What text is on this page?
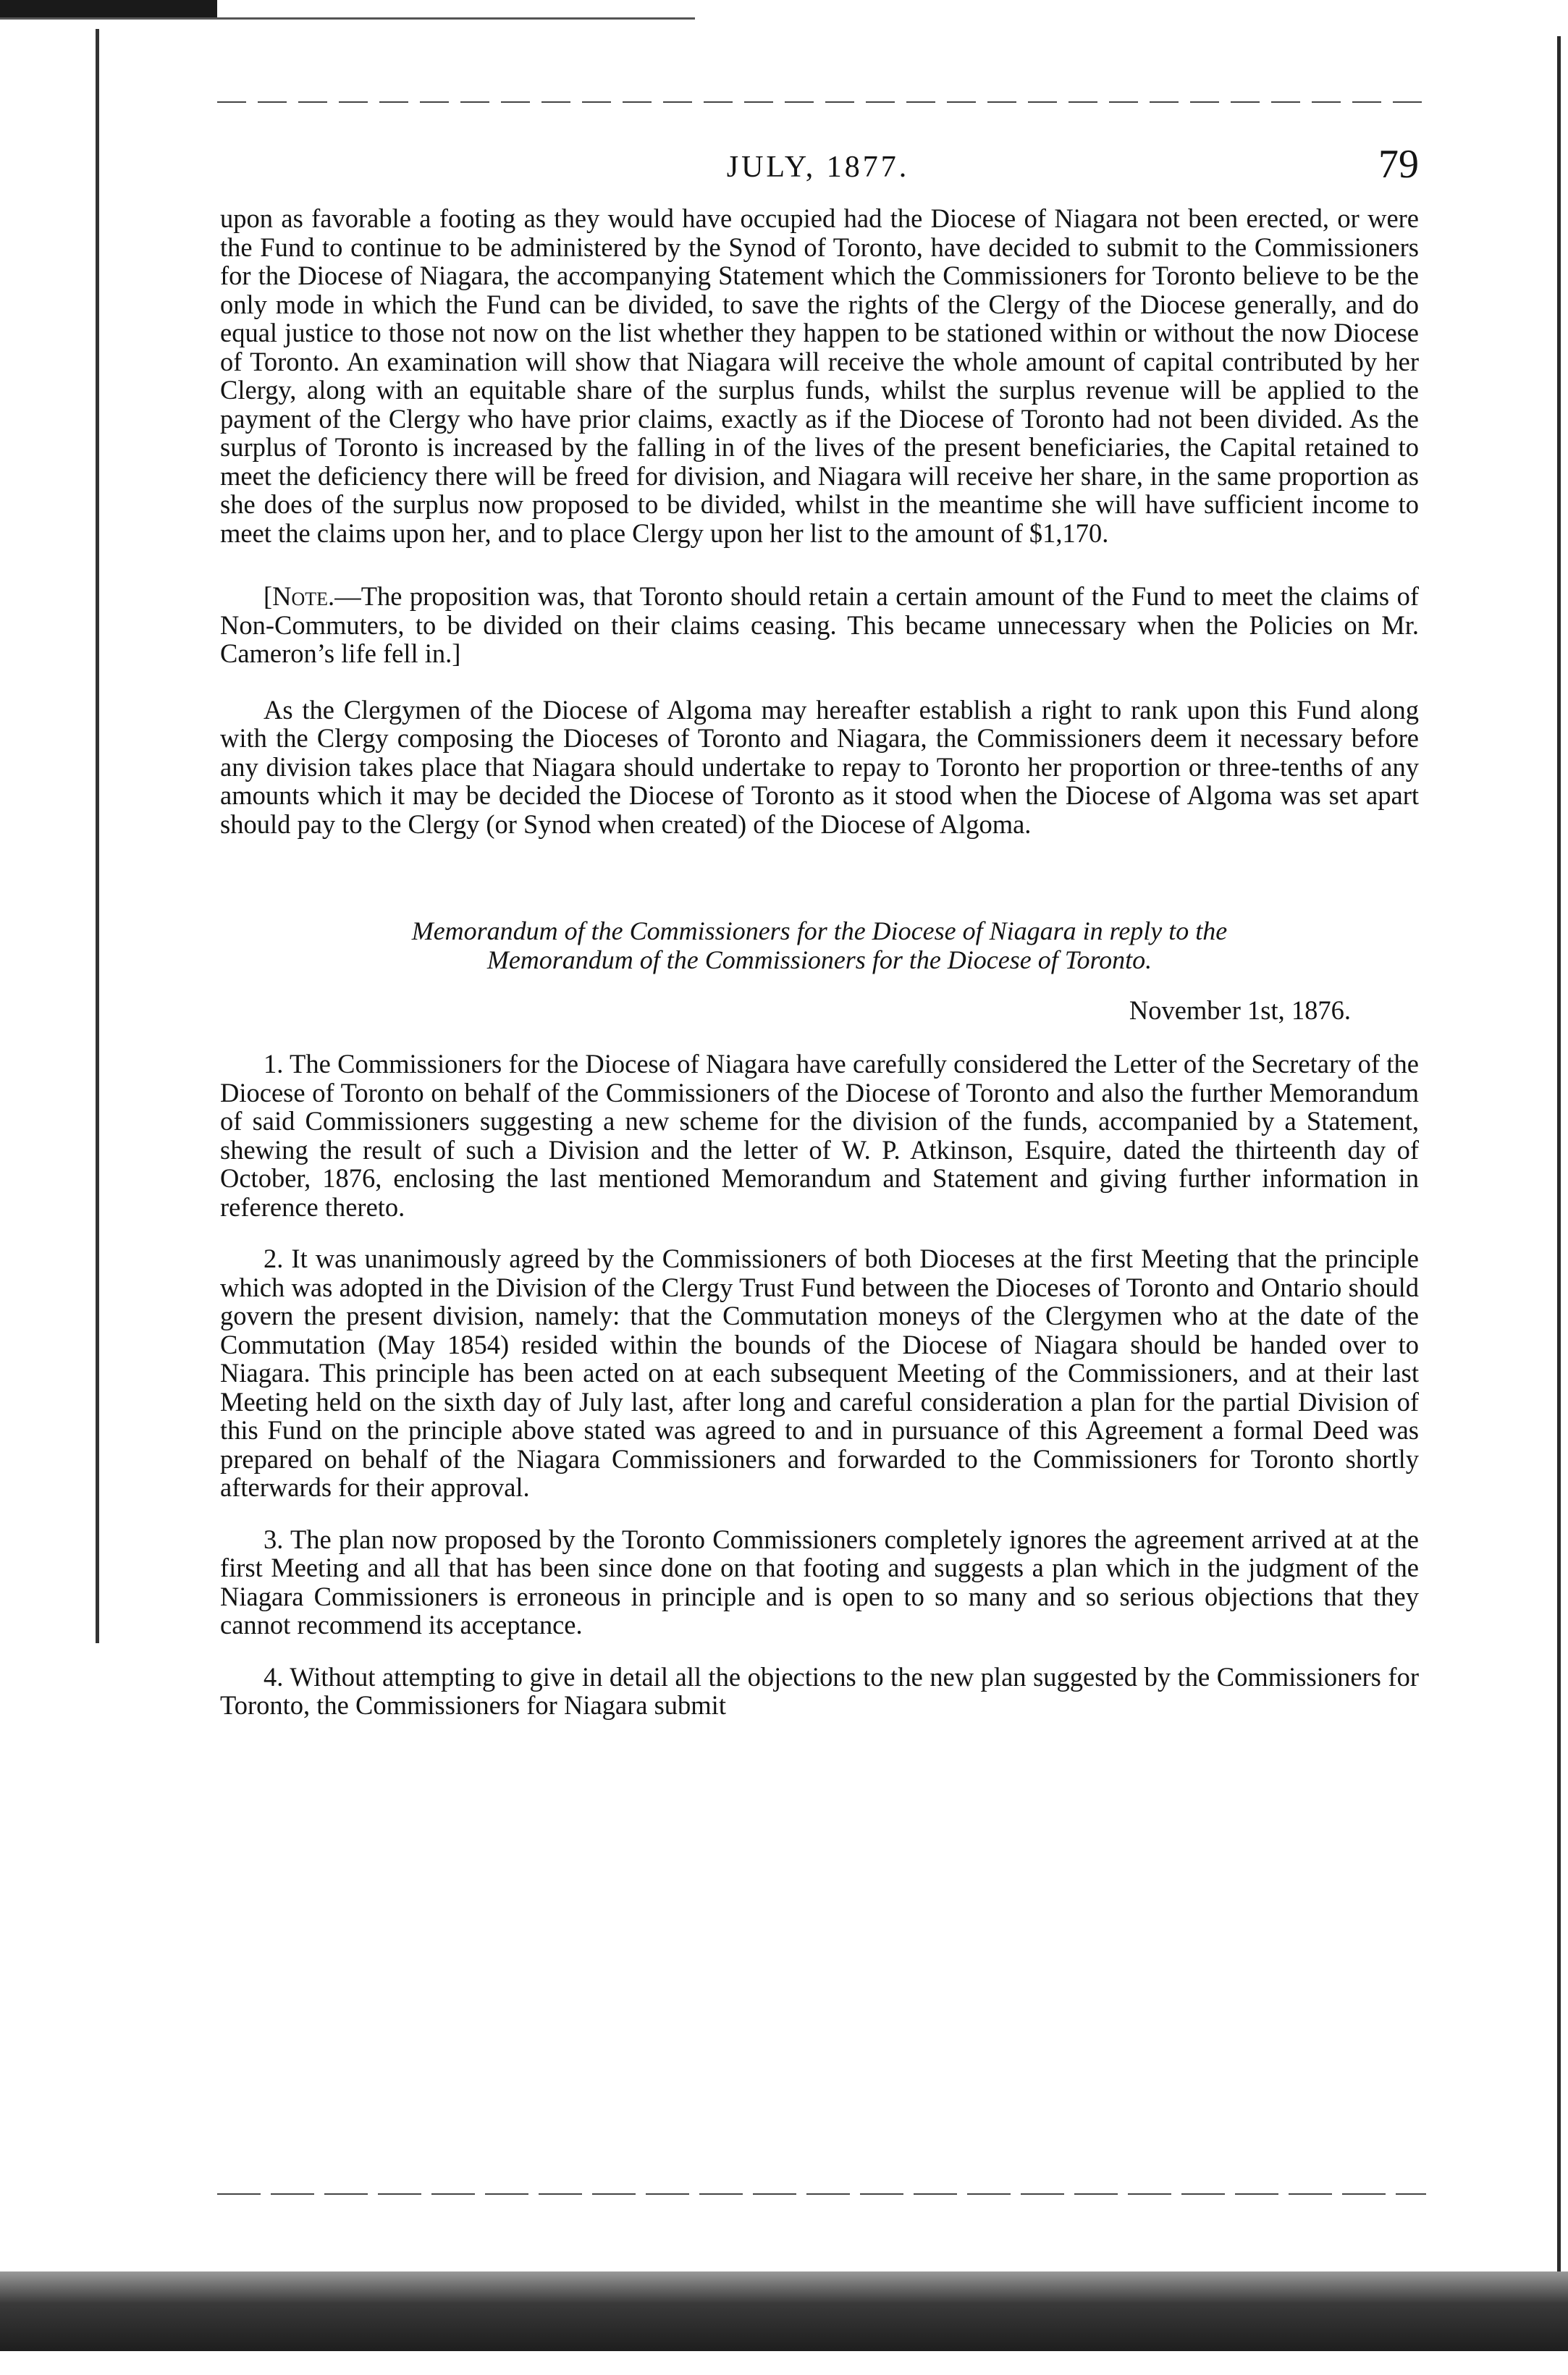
JULY, 1877.	79

upon as favorable a footing as they would have occupied had the Diocese of Niagara not been erected, or were the Fund to continue to be administered by the Synod of Toronto, have decided to submit to the Commissioners for the Diocese of Niagara, the accompanying Statement which the Commissioners for Toronto believe to be the only mode in which the Fund can be divided, to save the rights of the Clergy of the Diocese generally, and do equal justice to those not now on the list whether they happen to be stationed within or without the now Diocese of Toronto. An examination will show that Niagara will receive the whole amount of capital contributed by her Clergy, along with an equitable share of the surplus funds, whilst the surplus revenue will be applied to the payment of the Clergy who have prior claims, exactly as if the Diocese of Toronto had not been divided. As the surplus of Toronto is increased by the falling in of the lives of the present beneficiaries, the Capital retained to meet the deficiency there will be freed for division, and Niagara will receive her share, in the same proportion as she does of the surplus now proposed to be divided, whilst in the meantime she will have sufficient income to meet the claims upon her, and to place Clergy upon her list to the amount of $1,170.

[Note.—The proposition was, that Toronto should retain a certain amount of the Fund to meet the claims of Non-Commuters, to be divided on their claims ceasing. This became unnecessary when the Policies on Mr. Cameron’s life fell in.]

As the Clergymen of the Diocese of Algoma may hereafter establish a right to rank upon this Fund along with the Clergy composing the Dioceses of Toronto and Niagara, the Commissioners deem it necessary before any division takes place that Niagara should undertake to repay to Toronto her proportion or three-tenths of any amounts which it may be decided the Diocese of Toronto as it stood when the Diocese of Algoma was set apart should pay to the Clergy (or Synod when created) of the Diocese of Algoma.

Memorandum of the Commissioners for the Diocese of Niagara in reply to the
Memorandum of the Commissioners for the Diocese of Toronto.
November 1st, 1876.

1. The Commissioners for the Diocese of Niagara have carefully considered the Letter of the Secretary of the Diocese of Toronto on behalf of the Commissioners of the Diocese of Toronto and also the further Memorandum of said Commissioners suggesting a new scheme for the division of the funds, accompanied by a Statement, shewing the result of such a Division and the letter of W. P. Atkinson, Esquire, dated the thirteenth day of October, 1876, enclosing the last mentioned Memorandum and Statement and giving further information in reference thereto.

2. It was unanimously agreed by the Commissioners of both Dioceses at the first Meeting that the principle which was adopted in the Division of the Clergy Trust Fund between the Dioceses of Toronto and Ontario should govern the present division, namely: that the Commutation moneys of the Clergymen who at the date of the Commutation (May 1854) resided within the bounds of the Diocese of Niagara should be handed over to Niagara. This principle has been acted on at each subsequent Meeting of the Commissioners, and at their last Meeting held on the sixth day of July last, after long and careful consideration a plan for the partial Division of this Fund on the principle above stated was agreed to and in pursuance of this Agreement a formal Deed was prepared on behalf of the Niagara Commissioners and forwarded to the Commissioners for Toronto shortly afterwards for their approval.

3. The plan now proposed by the Toronto Commissioners completely ignores the agreement arrived at at the first Meeting and all that has been since done on that footing and suggests a plan which in the judgment of the Niagara Commissioners is erroneous in principle and is open to so many and so serious objections that they cannot recommend its acceptance.

4. Without attempting to give in detail all the objections to the new plan suggested by the Commissioners for Toronto, the Commissioners for Niagara submit
